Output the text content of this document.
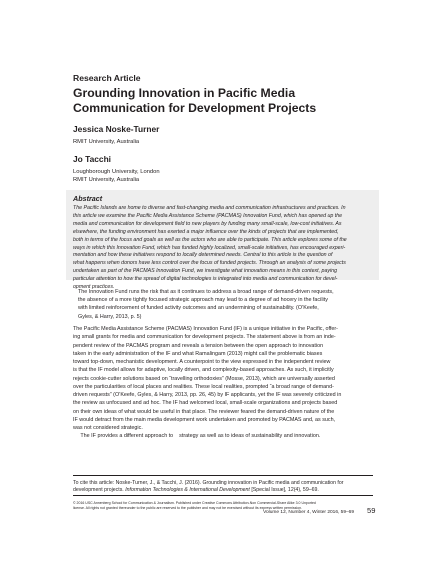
Research Article
Grounding Innovation in Pacific Media
Communication for Development Projects
Jessica Noske-Turner
RMIT University, Australia
Jo Tacchi
Loughborough University, London
RMIT University, Australia
Abstract
The Pacific Islands are home to diverse and fast-changing media and communication infrastructures and practices. In
this article we examine the Pacific Media Assistance Scheme (PACMAS) Innovation Fund, which has opened up the
media and communication for development field to new players by funding many small-scale, low-cost initiatives. As
elsewhere, the funding environment has exerted a major influence over the kinds of projects that are implemented,
both in terms of the focus and goals as well as the actors who are able to participate. This article explores some of the
ways in which this Innovation Fund, which has funded highly localized, small-scale initiatives, has encouraged experi-
mentation and how these initiatives respond to locally determined needs. Central to this article is the question of
what happens when donors have less control over the focus of funded projects. Through an analysis of some projects
undertaken as part of the PACMAS Innovation Fund, we investigate what innovation means in this context, paying
particular attention to how the spread of digital technologies is integrated into media and communication for devel-
opment practices.
The Innovation Fund runs the risk that as it continues to address a broad range of demand-driven requests,
the absence of a more tightly focused strategic approach may lead to a degree of ad hocery in the facility
with limited reinforcement of funded activity outcomes and an undermining of sustainability. (O’Keefe,
Gyles, & Harry, 2013, p. 5)
The Pacific Media Assistance Scheme (PACMAS) Innovation Fund (IF) is a unique initiative in the Pacific, offer-
ing small grants for media and communication for development projects. The statement above is from an inde-
pendent review of the PACMAS program and reveals a tension between the open approach to innovation
taken in the early administration of the IF and what Ramalingam (2013) might call the problematic biases
toward top-down, mechanistic development. A counterpoint to the view expressed in the independent review
is that the IF model allows for adaptive, locally driven, and complexity-based approaches. As such, it implicitly
rejects cookie-cutter solutions based on “travelling orthodoxies” (Mosse, 2013), which are universally asserted
over the particularities of local places and realities. These local realities, prompted “a broad range of demand-
driven requests” (O’Keefe, Gyles, & Harry, 2013, pp. 26, 45) by IF applicants, yet the IF was severely criticized in
the review as unfocused and ad hoc. The IF had welcomed local, small-scale organizations and projects based
on their own ideas of what would be useful in that place. The reviewer feared the demand-driven nature of the
IF would detract from the main media development work undertaken and promoted by PACMAS and, as such,
was not considered strategic.
The IF provides a different approach to    strategy as well as to ideas of sustainability and innovation.
To cite this article: Noske-Turner, J., & Tacchi, J. (2016). Grounding innovation in Pacific media and communication for
development projects. Information Technologies & International Development [Special Issue], 12(4), 59–69.
© 2016 USC Annenberg School for Communication & Journalism. Published under Creative Commons Attribution-Non Commercial-Share Alike 3.0 Unported
license. All rights not granted thereunder to the public are reserved to the publisher and may not be exercised without its express written permission.
Volume 12, Number 4, Winter 2016, 59–69 59
